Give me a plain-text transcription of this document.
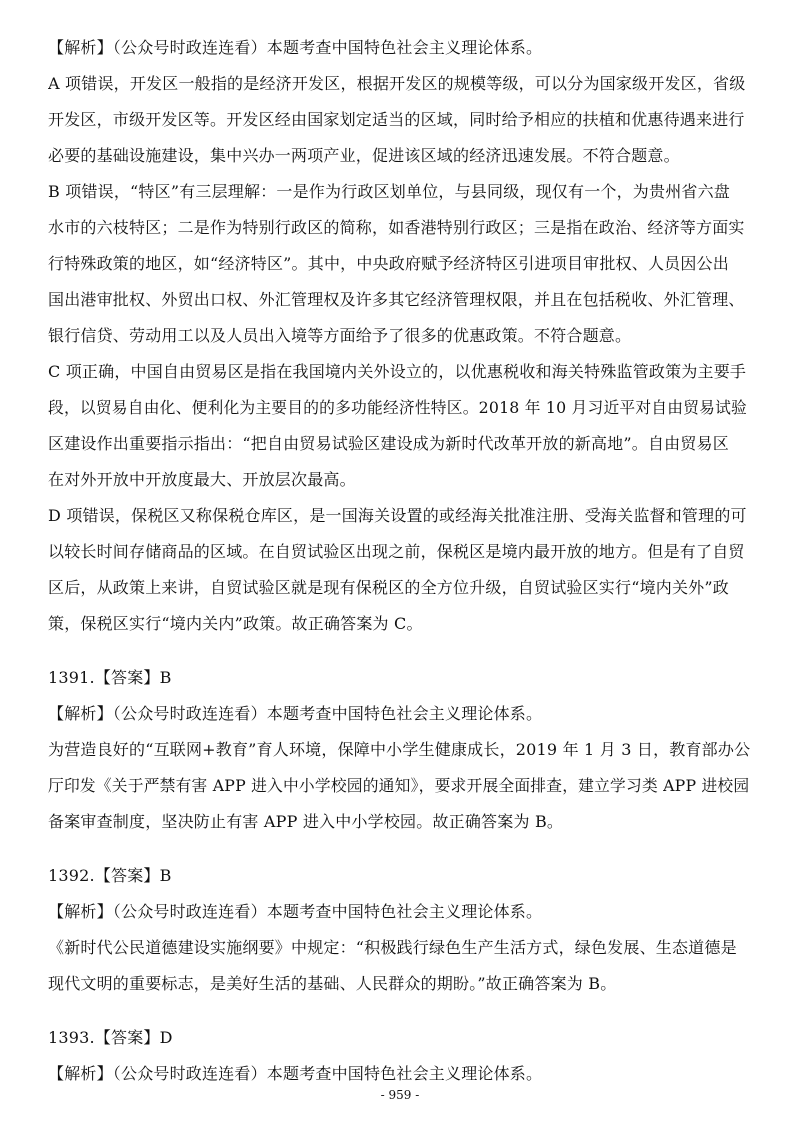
【解析】（公众号时政连连看）本题考查中国特色社会主义理论体系。
A 项错误，开发区一般指的是经济开发区，根据开发区的规模等级，可以分为国家级开发区，省级
开发区，市级开发区等。开发区经由国家划定适当的区域，同时给予相应的扶植和优惠待遇来进行
必要的基础设施建设，集中兴办一两项产业，促进该区域的经济迅速发展。不符合题意。
B 项错误，“特区”有三层理解：一是作为行政区划单位，与县同级，现仅有一个，为贵州省六盘
水市的六枝特区；二是作为特别行政区的简称，如香港特别行政区；三是指在政治、经济等方面实
行特殊政策的地区，如“经济特区”。其中，中央政府赋予经济特区引进项目审批权、人员因公出
国出港审批权、外贸出口权、外汇管理权及许多其它经济管理权限，并且在包括税收、外汇管理、
银行信贷、劳动用工以及人员出入境等方面给予了很多的优惠政策。不符合题意。
C 项正确，中国自由贸易区是指在我国境内关外设立的，以优惠税收和海关特殊监管政策为主要手
段，以贸易自由化、便利化为主要目的的多功能经济性特区。2018 年 10 月习近平对自由贸易试验
区建设作出重要指示指出：“把自由贸易试验区建设成为新时代改革开放的新高地”。自由贸易区
在对外开放中开放度最大、开放层次最高。
D 项错误，保税区又称保税仓库区，是一国海关设置的或经海关批准注册、受海关监督和管理的可
以较长时间存储商品的区域。在自贸试验区出现之前，保税区是境内最开放的地方。但是有了自贸
区后，从政策上来讲，自贸试验区就是现有保税区的全方位升级，自贸试验区实行“境内关外”政
策，保税区实行“境内关内”政策。故正确答案为 C。
1391.【答案】B
【解析】（公众号时政连连看）本题考查中国特色社会主义理论体系。
为营造良好的“互联网+教育”育人环境，保障中小学生健康成长，2019 年 1 月 3 日，教育部办公
厅印发《关于严禁有害 APP 进入中小学校园的通知》，要求开展全面排查，建立学习类 APP 进校园
备案审查制度，坚决防止有害 APP 进入中小学校园。故正确答案为 B。
1392.【答案】B
【解析】（公众号时政连连看）本题考查中国特色社会主义理论体系。
《新时代公民道德建设实施纲要》中规定：“积极践行绿色生产生活方式，绿色发展、生态道德是
现代文明的重要标志，是美好生活的基础、人民群众的期盼。”故正确答案为 B。
1393.【答案】D
【解析】（公众号时政连连看）本题考查中国特色社会主义理论体系。
- 959 -
